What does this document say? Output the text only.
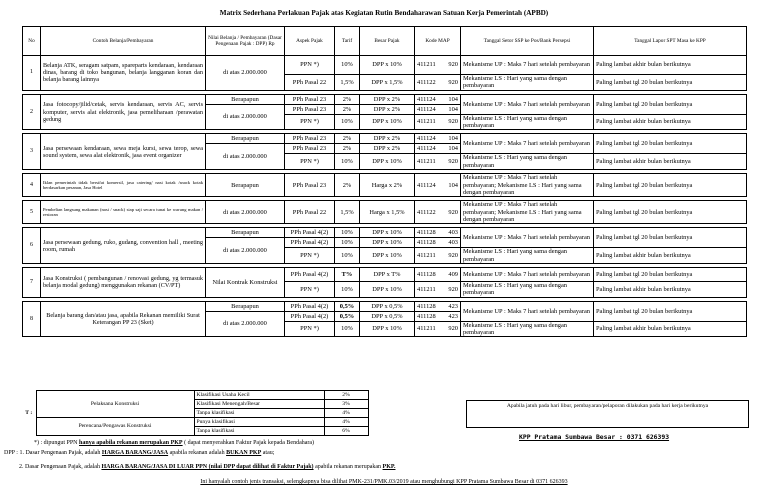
Matrix Sederhana Perlakuan Pajak atas Kegiatan Rutin Bendaharawan Satuan Kerja Pemerintah (APBD)
No	Contoh Belanja/Pembayaran	Nilai Belanja / Pembayaran (Dasar Pengenaan Pajak : DPP) Rp	Aspek Pajak	Tarif	Besar Pajak	Kode MAP	Tanggal Setor SSP ke Pos/Bank Persepsi	Tanggal Lapor SPT Masa ke KPP
1	Belanja ATK, seragam satpam, spareparts kendaraan, kendaraan dinas, barang di toko bangunan, belanja langganan koran dan belanja barang lainnya	di atas 2.000.000	PPN *)	10%	DPP x 10%	411211 920	Mekanisme UP : Maks 7 hari setelah pembayaran	Paling lambat akhir bulan berikutnya
			PPh Pasal 22	1,5%	DPP x 1,5%	411122 920	Mekanisme LS : Hari yang sama dengan pembayaran	Paling lambat tgl 20 bulan berikutnya

2	Jasa fotocopy/jilid/cetak, servis kendaraan, servis AC, servis komputer, servis alat elektronik, jasa pemeliharaan /perawatan gedung	Berapapun	PPh Pasal 23	2%	DPP x 2%	411124 104	Mekanisme UP : Maks 7 hari setelah pembayaran	Paling lambat tgl 20 bulan berikutnya
		di atas 2.000.000	PPh Pasal 23	2%	DPP x 2%	411124 104		

			PPN *)	10%	DPP x 10%	411211 920	Mekanisme LS : Hari yang sama dengan pembayaran	Paling lambat akhir bulan berikutnya

3	Jasa persewaan kendaraan, sewa meja kursi, sewa terop, sewa sound system, sewa alat elektronik, jasa event organizer	Berapapun	PPh Pasal 23	2%	DPP x 2%	411124 104	Mekanisme UP : Maks 7 hari setelah pembayaran	Paling lambat tgl 20 bulan berikutnya
		di atas 2.000.000	PPh Pasal 23	2%	DPP x 2%	411124 104		

			PPN *)	10%	DPP x 10%	411211 920	Mekanisme LS : Hari yang sama dengan pembayaran	Paling lambat akhir bulan berikutnya

4	Iklan pemerintah tidak bersifat komersil, jasa catering/ nasi kotak /snack kotak berdasarkan pesanan, Jasa Hotel	Berapapun	PPh Pasal 23	2%	Harga x 2%	411124 104	Mekanisme UP : Maks 7 hari setelah pembayaran; Mekanisme LS : Hari yang sama dengan pembayaran	Paling lambat tgl 20 bulan berikutnya

5	Pembelian langsung makanan (nasi / snack) siap saji secara tunai ke warung makan / restoran	di atas 2.000.000	PPh Pasal 22	1,5%	Harga x 1,5%	411122 920	Mekanisme UP : Maks 7 hari setelah pembayaran; Mekanisme LS : Hari yang sama dengan pembayaran	Paling lambat tgl 20 bulan berikutnya

6	Jasa persewaan gedung, ruko, gudang, convention hall , meeting room, rumah	Berapapun	PPh Pasal 4(2)	10%	DPP x 10%	411128 403	Mekanisme UP : Maks 7 hari setelah pembayaran	Paling lambat tgl 20 bulan berikutnya
		di atas 2.000.000	PPh Pasal 4(2)	10%	DPP x 10%	411128 403		

			PPN *)	10%	DPP x 10%	411211 920	Mekanisme LS : Hari yang sama dengan pembayaran	Paling lambat akhir bulan berikutnya

7	Jasa Konstruksi ( pembangunan / renovasi gedung, yg termasuk belanja modal gedung) menggunakan rekanan (CV/PT)	Nilai Kontrak Konstruksi	PPh Pasal 4(2)	T%	DPP x T%	411128 409	Mekanisme UP : Maks 7 hari setelah pembayaran	Paling lambat tgl 20 bulan berikutnya
			PPN *)	10%	DPP x 10%	411211 920	Mekanisme LS : Hari yang sama dengan pembayaran	Paling lambat akhir bulan berikutnya

8	Belanja barang dan/atau jasa, apabila Rekanan memiliki Surat Keterangan PP 23 (Sket)	Berapapun	PPh Pasal 4(2)	0,5%	DPP x 0,5%	411128 423	Mekanisme UP : Maks 7 hari setelah pembayaran	Paling lambat tgl 20 bulan berikutnya
		di atas 2.000.000	PPh Pasal 4(2)	0,5%	DPP x 0,5%	411128 423		

			PPN *)	10%	DPP x 10%	411211 920	Mekanisme LS : Hari yang sama dengan pembayaran	Paling lambat akhir bulan berikutnya
T :	Pelaksana Konstruksi	Klasifikasi Usaha Kecil	2%
		Klasifikasi Menengah/Besar	3%
		Tanpa klasifikasi	4%
	Perencana/Pengawas Konstruksi	Punya klasifikasi	4%
		Tanpa klasifikasi	6%
Apabila jatuh pada hari libur, pembayaran/pelaporan dilakukan pada hari kerja berikutnya
KPP Pratama Sumbawa Besar : 0371 626393
*) : dipungut PPN hanya apabila rekanan merupakan PKP ( dapat menyerahkan Faktur Pajak kepada Bendahara)
DPP : 1. Dasar Pengenaan Pajak, adalah HARGA BARANG/JASA apabila rekanan adalah BUKAN PKP atau;
2. Dasar Pengenaan Pajak, adalah HARGA BARANG/JASA DI LUAR PPN (nilai DPP dapat dilihat di Faktur Pajak) apabila rekanan merupakan PKP.
Ini hanyalah contoh jenis transaksi, selengkapnya bisa dilihat PMK-231/PMK.03/2019 atau menghubungi KPP Pratama Sumbawa Besar di 0371 626393
